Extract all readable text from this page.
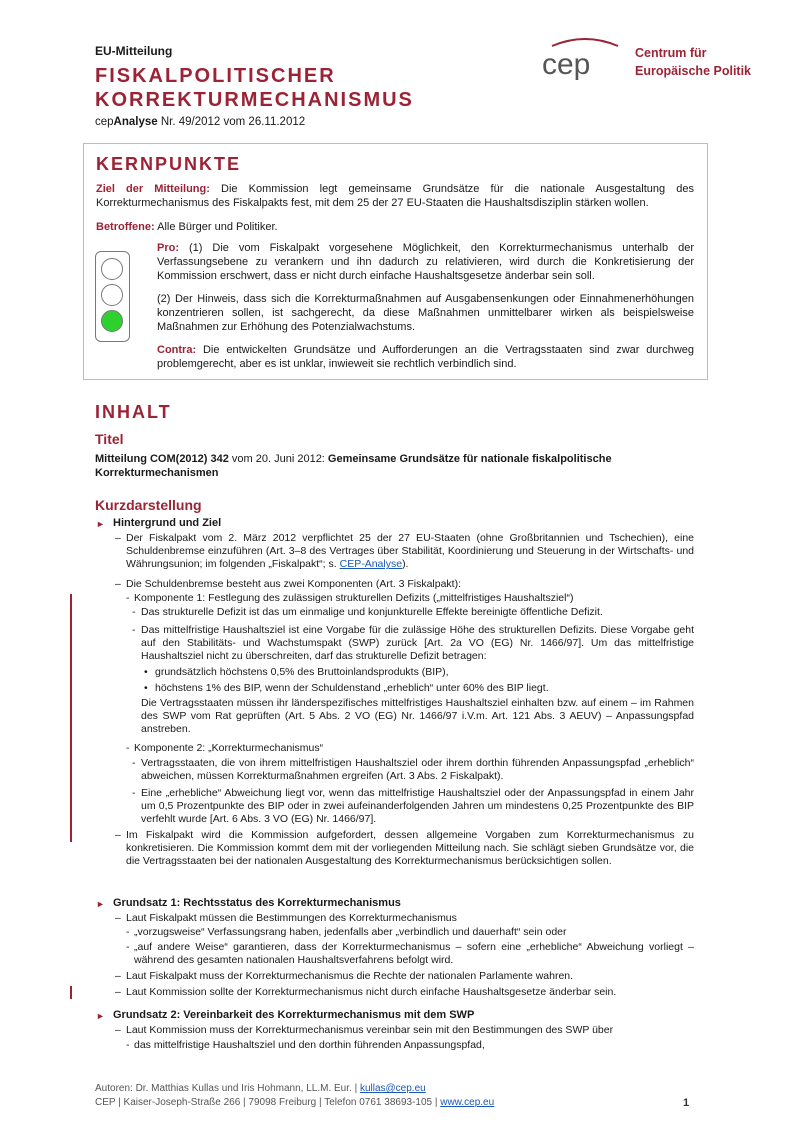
EU-Mitteilung
FISKALPOLITISCHER
KORREKTURMECHANISMUS
cepAnalyse Nr. 49/2012 vom 26.11.2012
cep	Centrum für
Europäische Politik
KERNPUNKTE
Ziel der Mitteilung: Die Kommission legt gemeinsame Grundsätze für die nationale Ausgestaltung des Korrekturmechanismus des Fiskalpakts fest, mit dem 25 der 27 EU-Staaten die Haushaltsdisziplin stärken wollen.
Betroffene: Alle Bürger und Politiker.
Pro: (1) Die vom Fiskalpakt vorgesehene Möglichkeit, den Korrekturmechanismus unterhalb der Verfassungsebene zu verankern und ihn dadurch zu relativieren, wird durch die Konkretisierung der Kommission erschwert, dass er nicht durch einfache Haushaltsgesetze änderbar sein soll.
(2) Der Hinweis, dass sich die Korrekturmaßnahmen auf Ausgabensenkungen oder Einnahmenerhöhungen konzentrieren sollen, ist sachgerecht, da diese Maßnahmen unmittelbarer wirken als beispielsweise Maßnahmen zur Erhöhung des Potenzialwachstums.
Contra: Die entwickelten Grundsätze und Aufforderungen an die Vertragsstaaten sind zwar durchweg problemgerecht, aber es ist unklar, inwieweit sie rechtlich verbindlich sind.
INHALT
Titel
Mitteilung COM(2012) 342 vom 20. Juni 2012: Gemeinsame Grundsätze für nationale fiskalpolitische Korrekturmechanismen
Kurzdarstellung
► Hintergrund und Ziel
– Der Fiskalpakt vom 2. März 2012 verpflichtet 25 der 27 EU-Staaten (ohne Großbritannien und Tschechien), eine Schuldenbremse einzuführen (Art. 3–8 des Vertrages über Stabilität, Koordinierung und Steuerung in der Wirtschafts- und Währungsunion; im folgenden „Fiskalpakt“; s. CEP-Analyse).
– Die Schuldenbremse besteht aus zwei Komponenten (Art. 3 Fiskalpakt):
- Komponente 1: Festlegung des zulässigen strukturellen Defizits („mittelfristiges Haushaltsziel“)
- Das strukturelle Defizit ist das um einmalige und konjunkturelle Effekte bereinigte öffentliche Defizit.
- Das mittelfristige Haushaltsziel ist eine Vorgabe für die zulässige Höhe des strukturellen Defizits. Diese Vorgabe geht auf den Stabilitäts- und Wachstumspakt (SWP) zurück [Art. 2a VO (EG) Nr. 1466/97]. Um das mittelfristige Haushaltsziel nicht zu überschreiten, darf das strukturelle Defizit betragen:
• grundsätzlich höchstens 0,5% des Bruttoinlandsprodukts (BIP),
• höchstens 1% des BIP, wenn der Schuldenstand „erheblich“ unter 60% des BIP liegt.
Die Vertragsstaaten müssen ihr länderspezifisches mittelfristiges Haushaltsziel einhalten bzw. auf einem – im Rahmen des SWP vom Rat geprüften (Art. 5 Abs. 2 VO (EG) Nr. 1466/97 i.V.m. Art. 121 Abs. 3 AEUV) – Anpassungspfad anstreben.
- Komponente 2: „Korrekturmechanismus“
- Vertragsstaaten, die von ihrem mittelfristigen Haushaltsziel oder ihrem dorthin führenden Anpassungspfad „erheblich“ abweichen, müssen Korrekturmaßnahmen ergreifen (Art. 3 Abs. 2 Fiskalpakt).
- Eine „erhebliche“ Abweichung liegt vor, wenn das mittelfristige Haushaltsziel oder der Anpassungspfad in einem Jahr um 0,5 Prozentpunkte des BIP oder in zwei aufeinanderfolgenden Jahren um mindestens 0,25 Prozentpunkte des BIP verfehlt wurde [Art. 6 Abs. 3 VO (EG) Nr. 1466/97].
– Im Fiskalpakt wird die Kommission aufgefordert, dessen allgemeine Vorgaben zum Korrekturmechanismus zu konkretisieren. Die Kommission kommt dem mit der vorliegenden Mitteilung nach. Sie schlägt sieben Grundsätze vor, die die Vertragsstaaten bei der nationalen Ausgestaltung des Korrekturmechanismus berücksichtigen sollen.
► Grundsatz 1: Rechtsstatus des Korrekturmechanismus
– Laut Fiskalpakt müssen die Bestimmungen des Korrekturmechanismus
- „vorzugsweise“ Verfassungsrang haben, jedenfalls aber „verbindlich und dauerhaft“ sein oder
- „auf andere Weise“ garantieren, dass der Korrekturmechanismus – sofern eine „erhebliche“ Abweichung vorliegt – während des gesamten nationalen Haushaltsverfahrens befolgt wird.
– Laut Fiskalpakt muss der Korrekturmechanismus die Rechte der nationalen Parlamente wahren.
– Laut Kommission sollte der Korrekturmechanismus nicht durch einfache Haushaltsgesetze änderbar sein.
► Grundsatz 2: Vereinbarkeit des Korrekturmechanismus mit dem SWP
– Laut Kommission muss der Korrekturmechanismus vereinbar sein mit den Bestimmungen des SWP über
- das mittelfristige Haushaltsziel und den dorthin führenden Anpassungspfad,
Autoren: Dr. Matthias Kullas und Iris Hohmann, LL.M. Eur. | kullas@cep.eu
CEP | Kaiser-Joseph-Straße 266 | 79098 Freiburg | Telefon 0761 38693-105 | www.cep.eu	1
